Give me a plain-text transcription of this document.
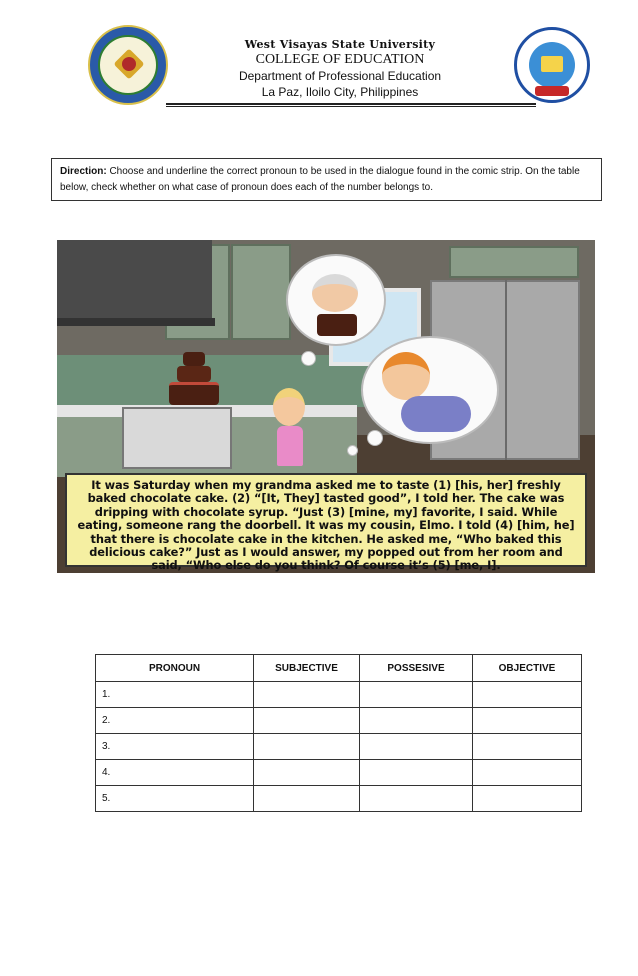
West Visayas State University
COLLEGE OF EDUCATION
Department of Professional Education
La Paz, Iloilo City, Philippines
Direction: Choose and underline the correct pronoun to be used in the dialogue found in the comic strip. On the table below, check whether on what case of pronoun does each of the number belongs to.
It was Saturday when my grandma asked me to taste (1) [his, her] freshly baked chocolate cake. (2) “[It, They] tasted good”, I told her. The cake was dripping with chocolate syrup. “Just (3) [mine, my] favorite, I said. While eating, someone rang the doorbell. It was my cousin, Elmo. I told (4) [him, he] that there is chocolate cake in the kitchen. He asked me, “Who baked this delicious cake?” Just as I would answer, my popped out from her room and said, “Who else do you think? Of course it’s (5) [me, I].
PRONOUN	SUBJECTIVE	POSSESIVE	OBJECTIVE
1.			
2.			
3.			
4.			
5.			
